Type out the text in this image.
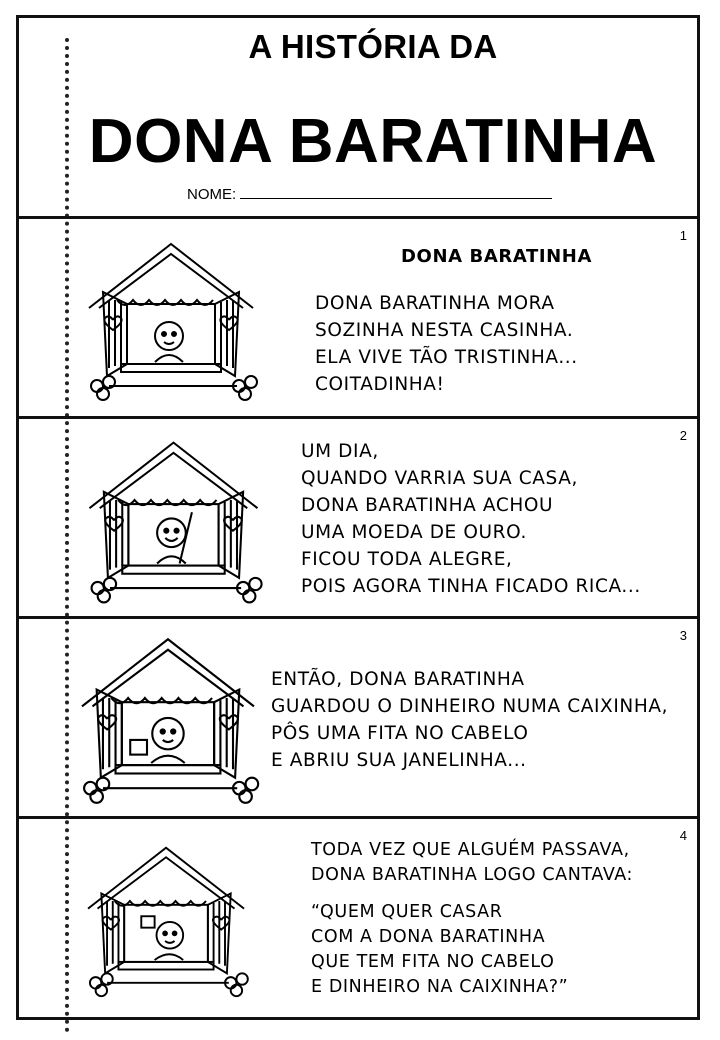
A HISTÓRIA DA
DONA BARATINHA
NOME:
1
DONA BARATINHA
DONA BARATINHA MORA
SOZINHA NESTA CASINHA.
ELA VIVE TÃO TRISTINHA...
COITADINHA!
2
UM DIA,
QUANDO VARRIA SUA CASA,
DONA BARATINHA ACHOU
UMA MOEDA DE OURO.
FICOU TODA ALEGRE,
POIS AGORA TINHA FICADO RICA...
3
ENTÃO, DONA BARATINHA
GUARDOU O DINHEIRO NUMA CAIXINHA,
PÔS UMA FITA NO CABELO
E ABRIU SUA JANELINHA...
4
TODA VEZ QUE ALGUÉM PASSAVA,
DONA BARATINHA LOGO CANTAVA:
“QUEM QUER CASAR
COM A DONA BARATINHA
QUE TEM FITA NO CABELO
E DINHEIRO NA CAIXINHA?”
